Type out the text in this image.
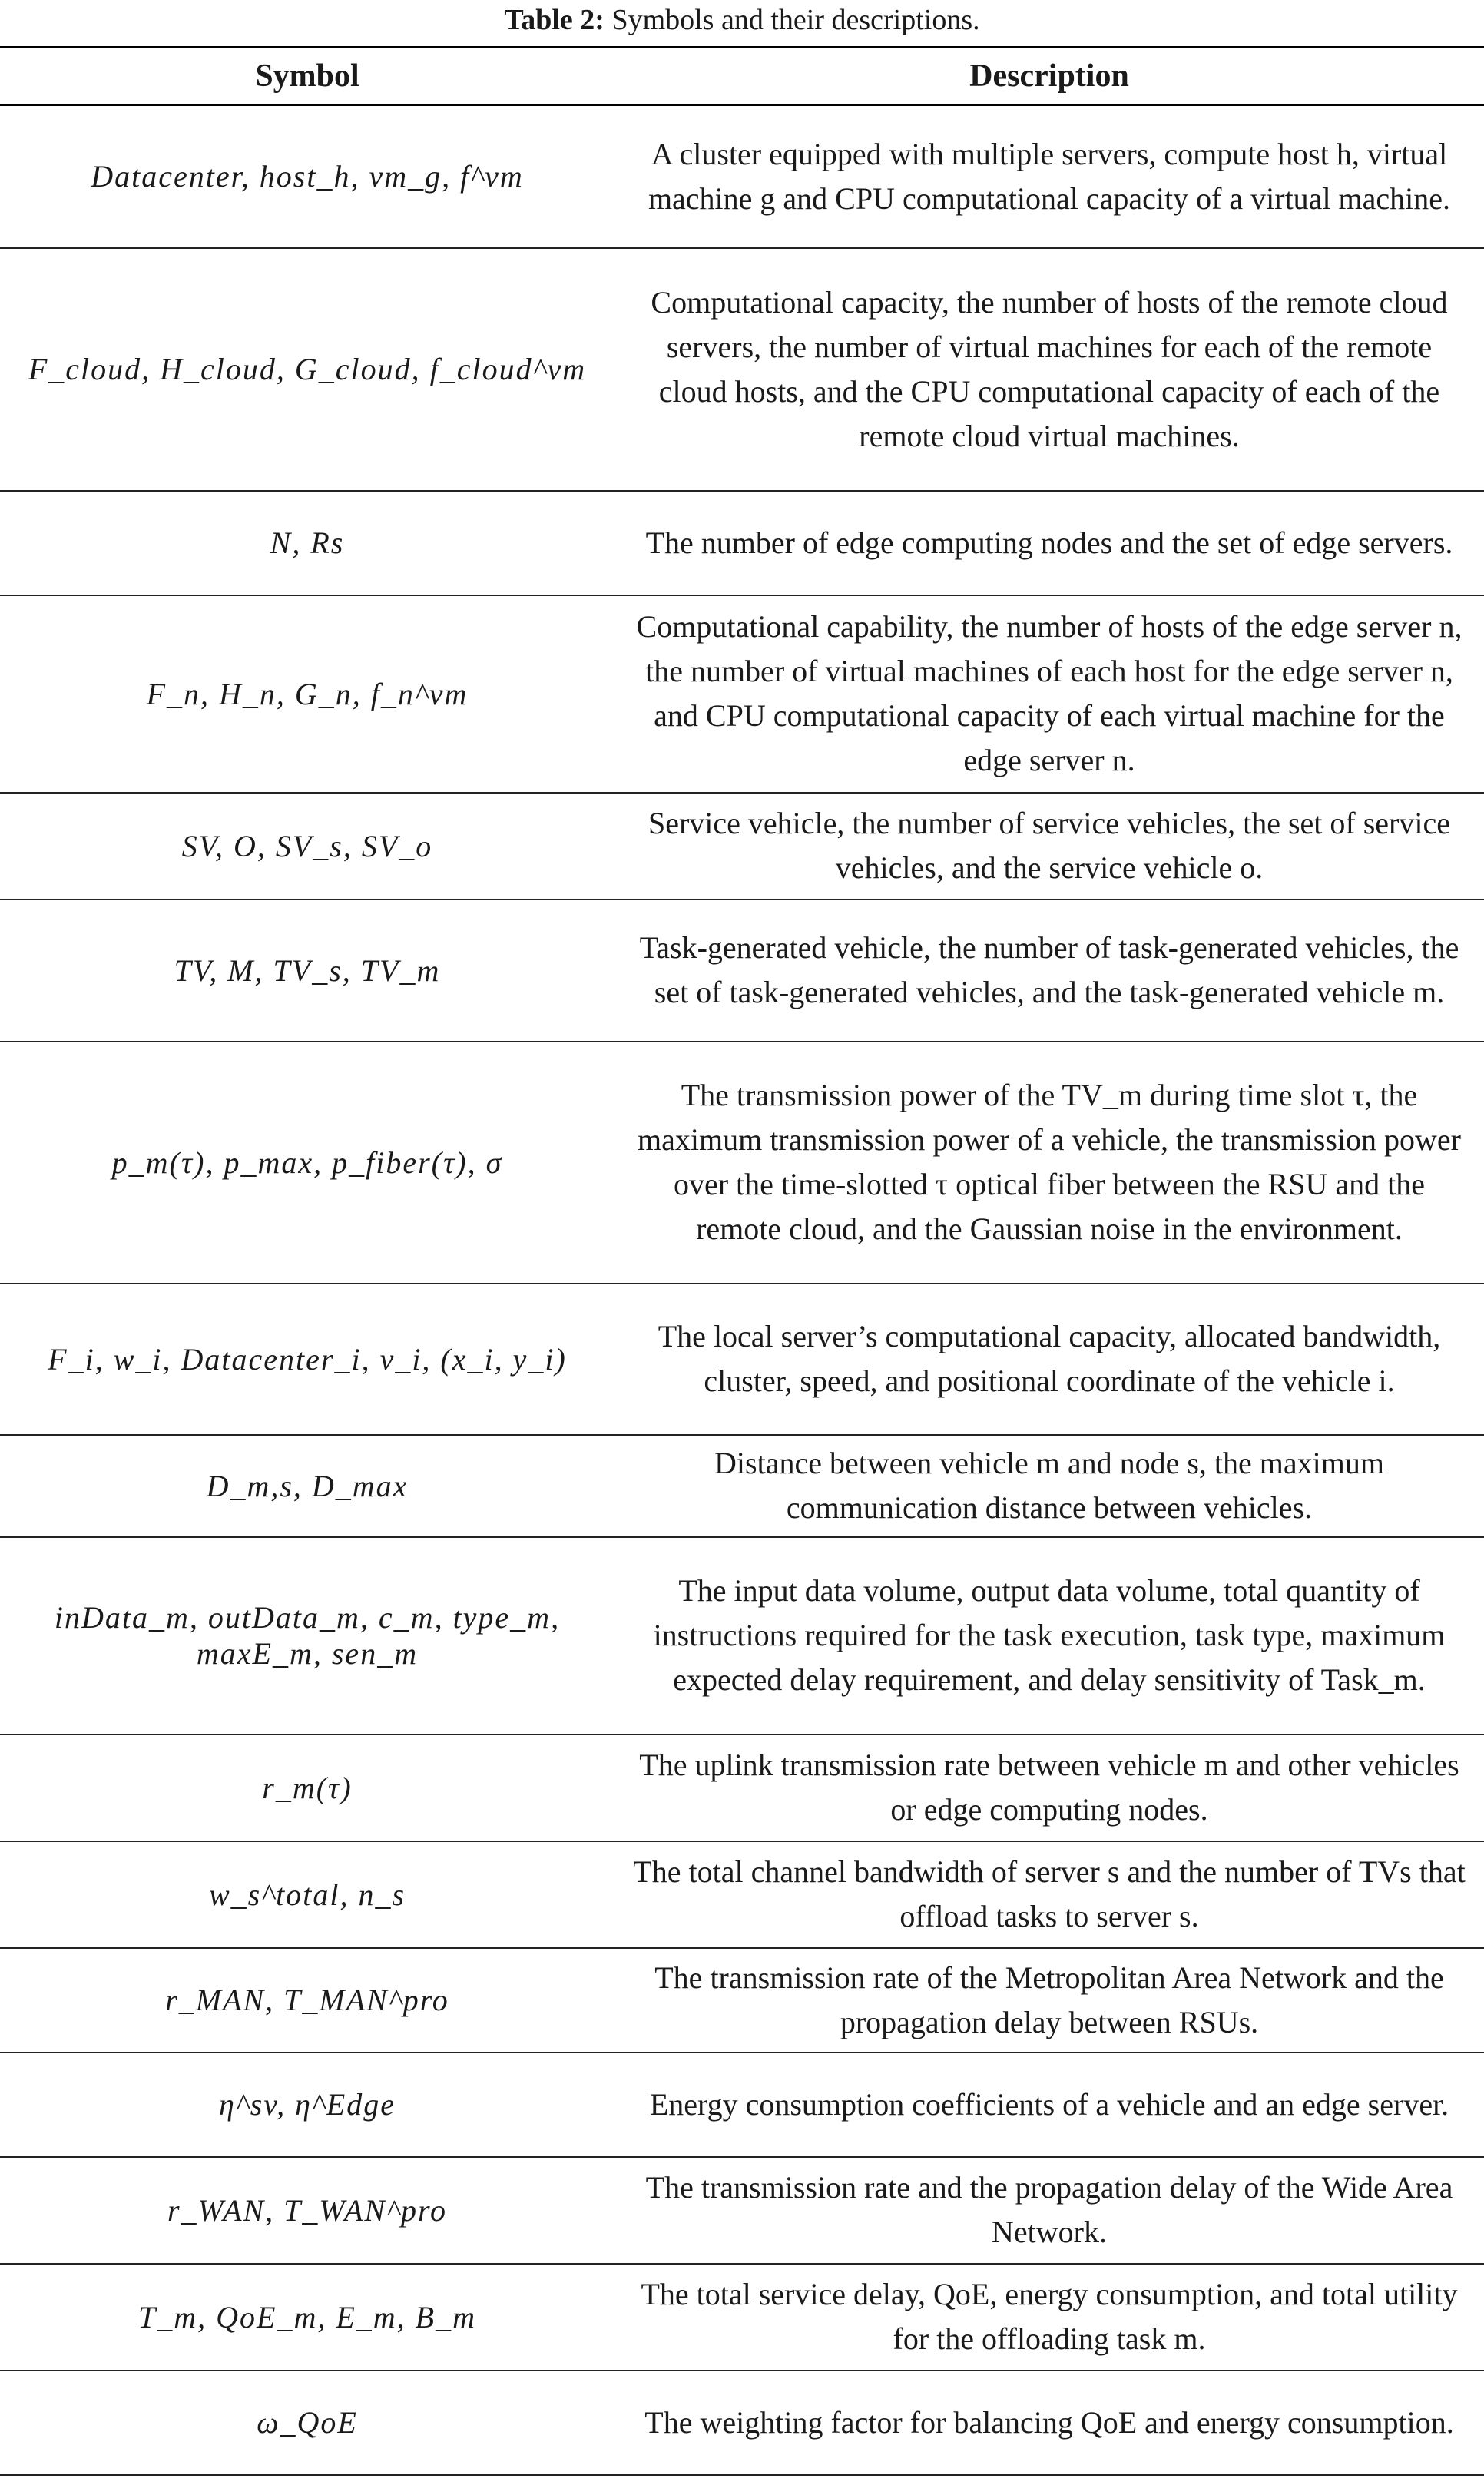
Table 2: Symbols and their descriptions.
Symbol	Description
Datacenter, host_h, vm_g, f^vm	A cluster equipped with multiple servers, compute host h, virtual machine g and CPU computational capacity of a virtual machine.
F_cloud, H_cloud, G_cloud, f_cloud^vm	Computational capacity, the number of hosts of the remote cloud servers, the number of virtual machines for each of the remote cloud hosts, and the CPU computational capacity of each of the remote cloud virtual machines.
N, Rs	The number of edge computing nodes and the set of edge servers.
F_n, H_n, G_n, f_n^vm	Computational capability, the number of hosts of the edge server n, the number of virtual machines of each host for the edge server n, and CPU computational capacity of each virtual machine for the edge server n.
SV, O, SV_s, SV_o	Service vehicle, the number of service vehicles, the set of service vehicles, and the service vehicle o.
TV, M, TV_s, TV_m	Task-generated vehicle, the number of task-generated vehicles, the set of task-generated vehicles, and the task-generated vehicle m.
p_m(τ), p_max, p_fiber(τ), σ	The transmission power of the TV_m during time slot τ, the maximum transmission power of a vehicle, the transmission power over the time-slotted τ optical fiber between the RSU and the remote cloud, and the Gaussian noise in the environment.
F_i, w_i, Datacenter_i, v_i, (x_i, y_i)	The local server’s computational capacity, allocated bandwidth, cluster, speed, and positional coordinate of the vehicle i.
D_m,s, D_max	Distance between vehicle m and node s, the maximum communication distance between vehicles.
inData_m, outData_m, c_m, type_m, maxE_m, sen_m	The input data volume, output data volume, total quantity of instructions required for the task execution, task type, maximum expected delay requirement, and delay sensitivity of Task_m.
r_m(τ)	The uplink transmission rate between vehicle m and other vehicles or edge computing nodes.
w_s^total, n_s	The total channel bandwidth of server s and the number of TVs that offload tasks to server s.
r_MAN, T_MAN^pro	The transmission rate of the Metropolitan Area Network and the propagation delay between RSUs.
η^sv, η^Edge	Energy consumption coefficients of a vehicle and an edge server.
r_WAN, T_WAN^pro	The transmission rate and the propagation delay of the Wide Area Network.
T_m, QoE_m, E_m, B_m	The total service delay, QoE, energy consumption, and total utility for the offloading task m.
ω_QoE	The weighting factor for balancing QoE and energy consumption.
